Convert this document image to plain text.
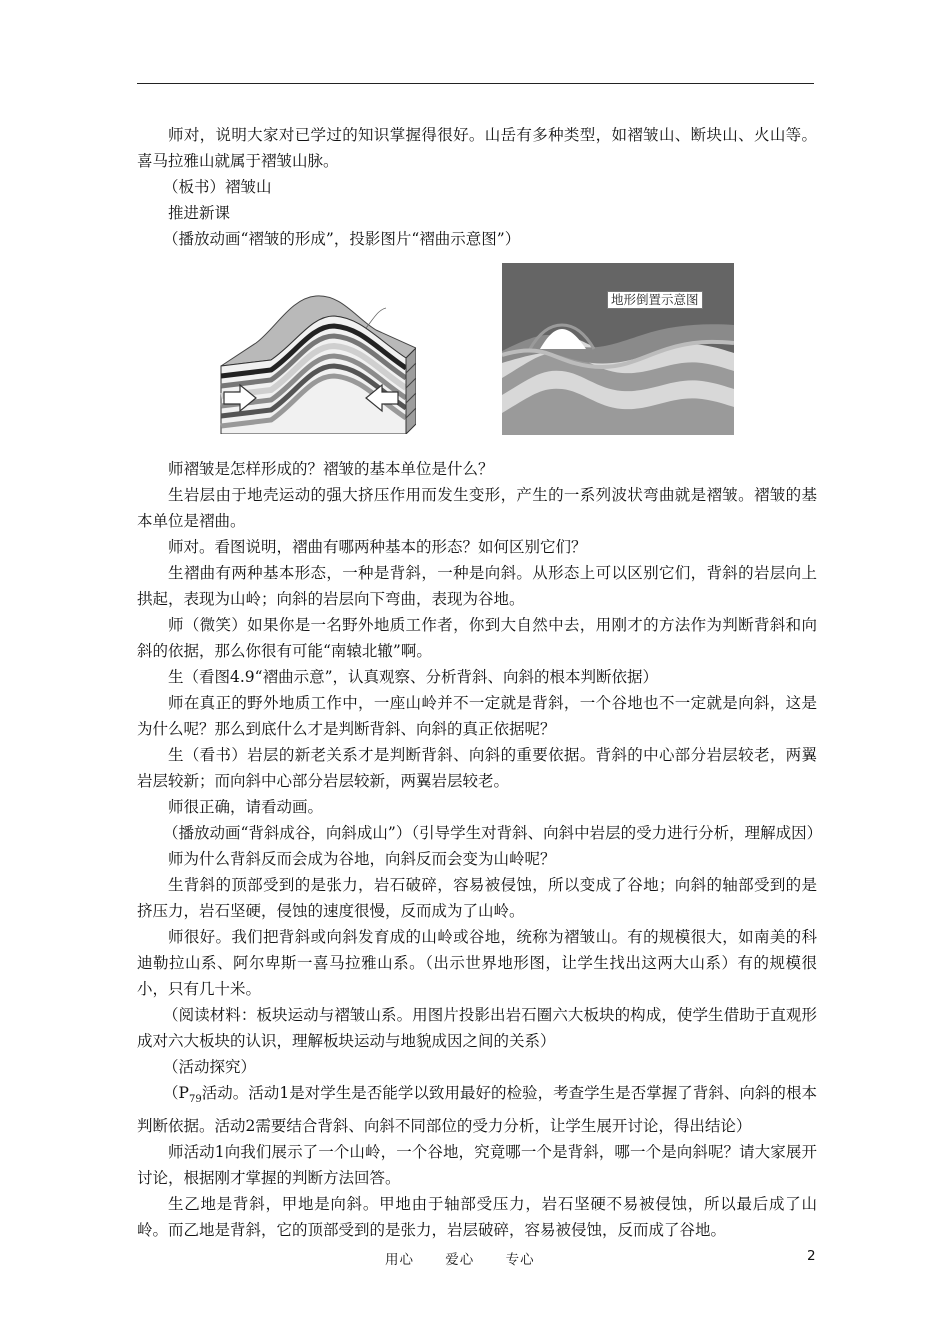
师对，说明大家对已学过的知识掌握得很好。山岳有多种类型，如褶皱山、断块山、火山等。喜马拉雅山就属于褶皱山脉。

（板书）褶皱山

推进新课

（播放动画“褶皱的形成”，投影图片“褶曲示意图”）

地形倒置示意图

师褶皱是怎样形成的？褶皱的基本单位是什么？

生岩层由于地壳运动的强大挤压作用而发生变形，产生的一系列波状弯曲就是褶皱。褶皱的基本单位是褶曲。

师对。看图说明，褶曲有哪两种基本的形态？如何区别它们？

生褶曲有两种基本形态，一种是背斜，一种是向斜。从形态上可以区别它们，背斜的岩层向上拱起，表现为山岭；向斜的岩层向下弯曲，表现为谷地。

师（微笑）如果你是一名野外地质工作者，你到大自然中去，用刚才的方法作为判断背斜和向斜的依据，那么你很有可能“南辕北辙”啊。

生（看图4.9“褶曲示意”，认真观察、分析背斜、向斜的根本判断依据）

师在真正的野外地质工作中，一座山岭并不一定就是背斜，一个谷地也不一定就是向斜，这是为什么呢？那么到底什么才是判断背斜、向斜的真正依据呢？

生（看书）岩层的新老关系才是判断背斜、向斜的重要依据。背斜的中心部分岩层较老，两翼岩层较新；而向斜中心部分岩层较新，两翼岩层较老。

师很正确，请看动画。

（播放动画“背斜成谷，向斜成山”）（引导学生对背斜、向斜中岩层的受力进行分析，理解成因）

师为什么背斜反而会成为谷地，向斜反而会变为山岭呢？

生背斜的顶部受到的是张力，岩石破碎，容易被侵蚀，所以变成了谷地；向斜的轴部受到的是挤压力，岩石坚硬，侵蚀的速度很慢，反而成为了山岭。

师很好。我们把背斜或向斜发育成的山岭或谷地，统称为褶皱山。有的规模很大，如南美的科迪勒拉山系、阿尔卑斯一喜马拉雅山系。（出示世界地形图，让学生找出这两大山系）有的规模很小，只有几十米。

（阅读材料：板块运动与褶皱山系。用图片投影出岩石圈六大板块的构成，使学生借助于直观形成对六大板块的认识，理解板块运动与地貌成因之间的关系）

（活动探究）

（$P_{79}$活动。活动1是对学生是否能学以致用最好的检验，考查学生是否掌握了背斜、向斜的根本判断依据。活动2需要结合背斜、向斜不同部位的受力分析，让学生展开讨论，得出结论）

师活动1向我们展示了一个山岭，一个谷地，究竟哪一个是背斜，哪一个是向斜呢？请大家展开讨论，根据刚才掌握的判断方法回答。

生乙地是背斜，甲地是向斜。甲地由于轴部受压力，岩石坚硬不易被侵蚀，所以最后成了山岭。而乙地是背斜，它的顶部受到的是张力，岩层破碎，容易被侵蚀，反而成了谷地。

用心 爱心 专心	2
